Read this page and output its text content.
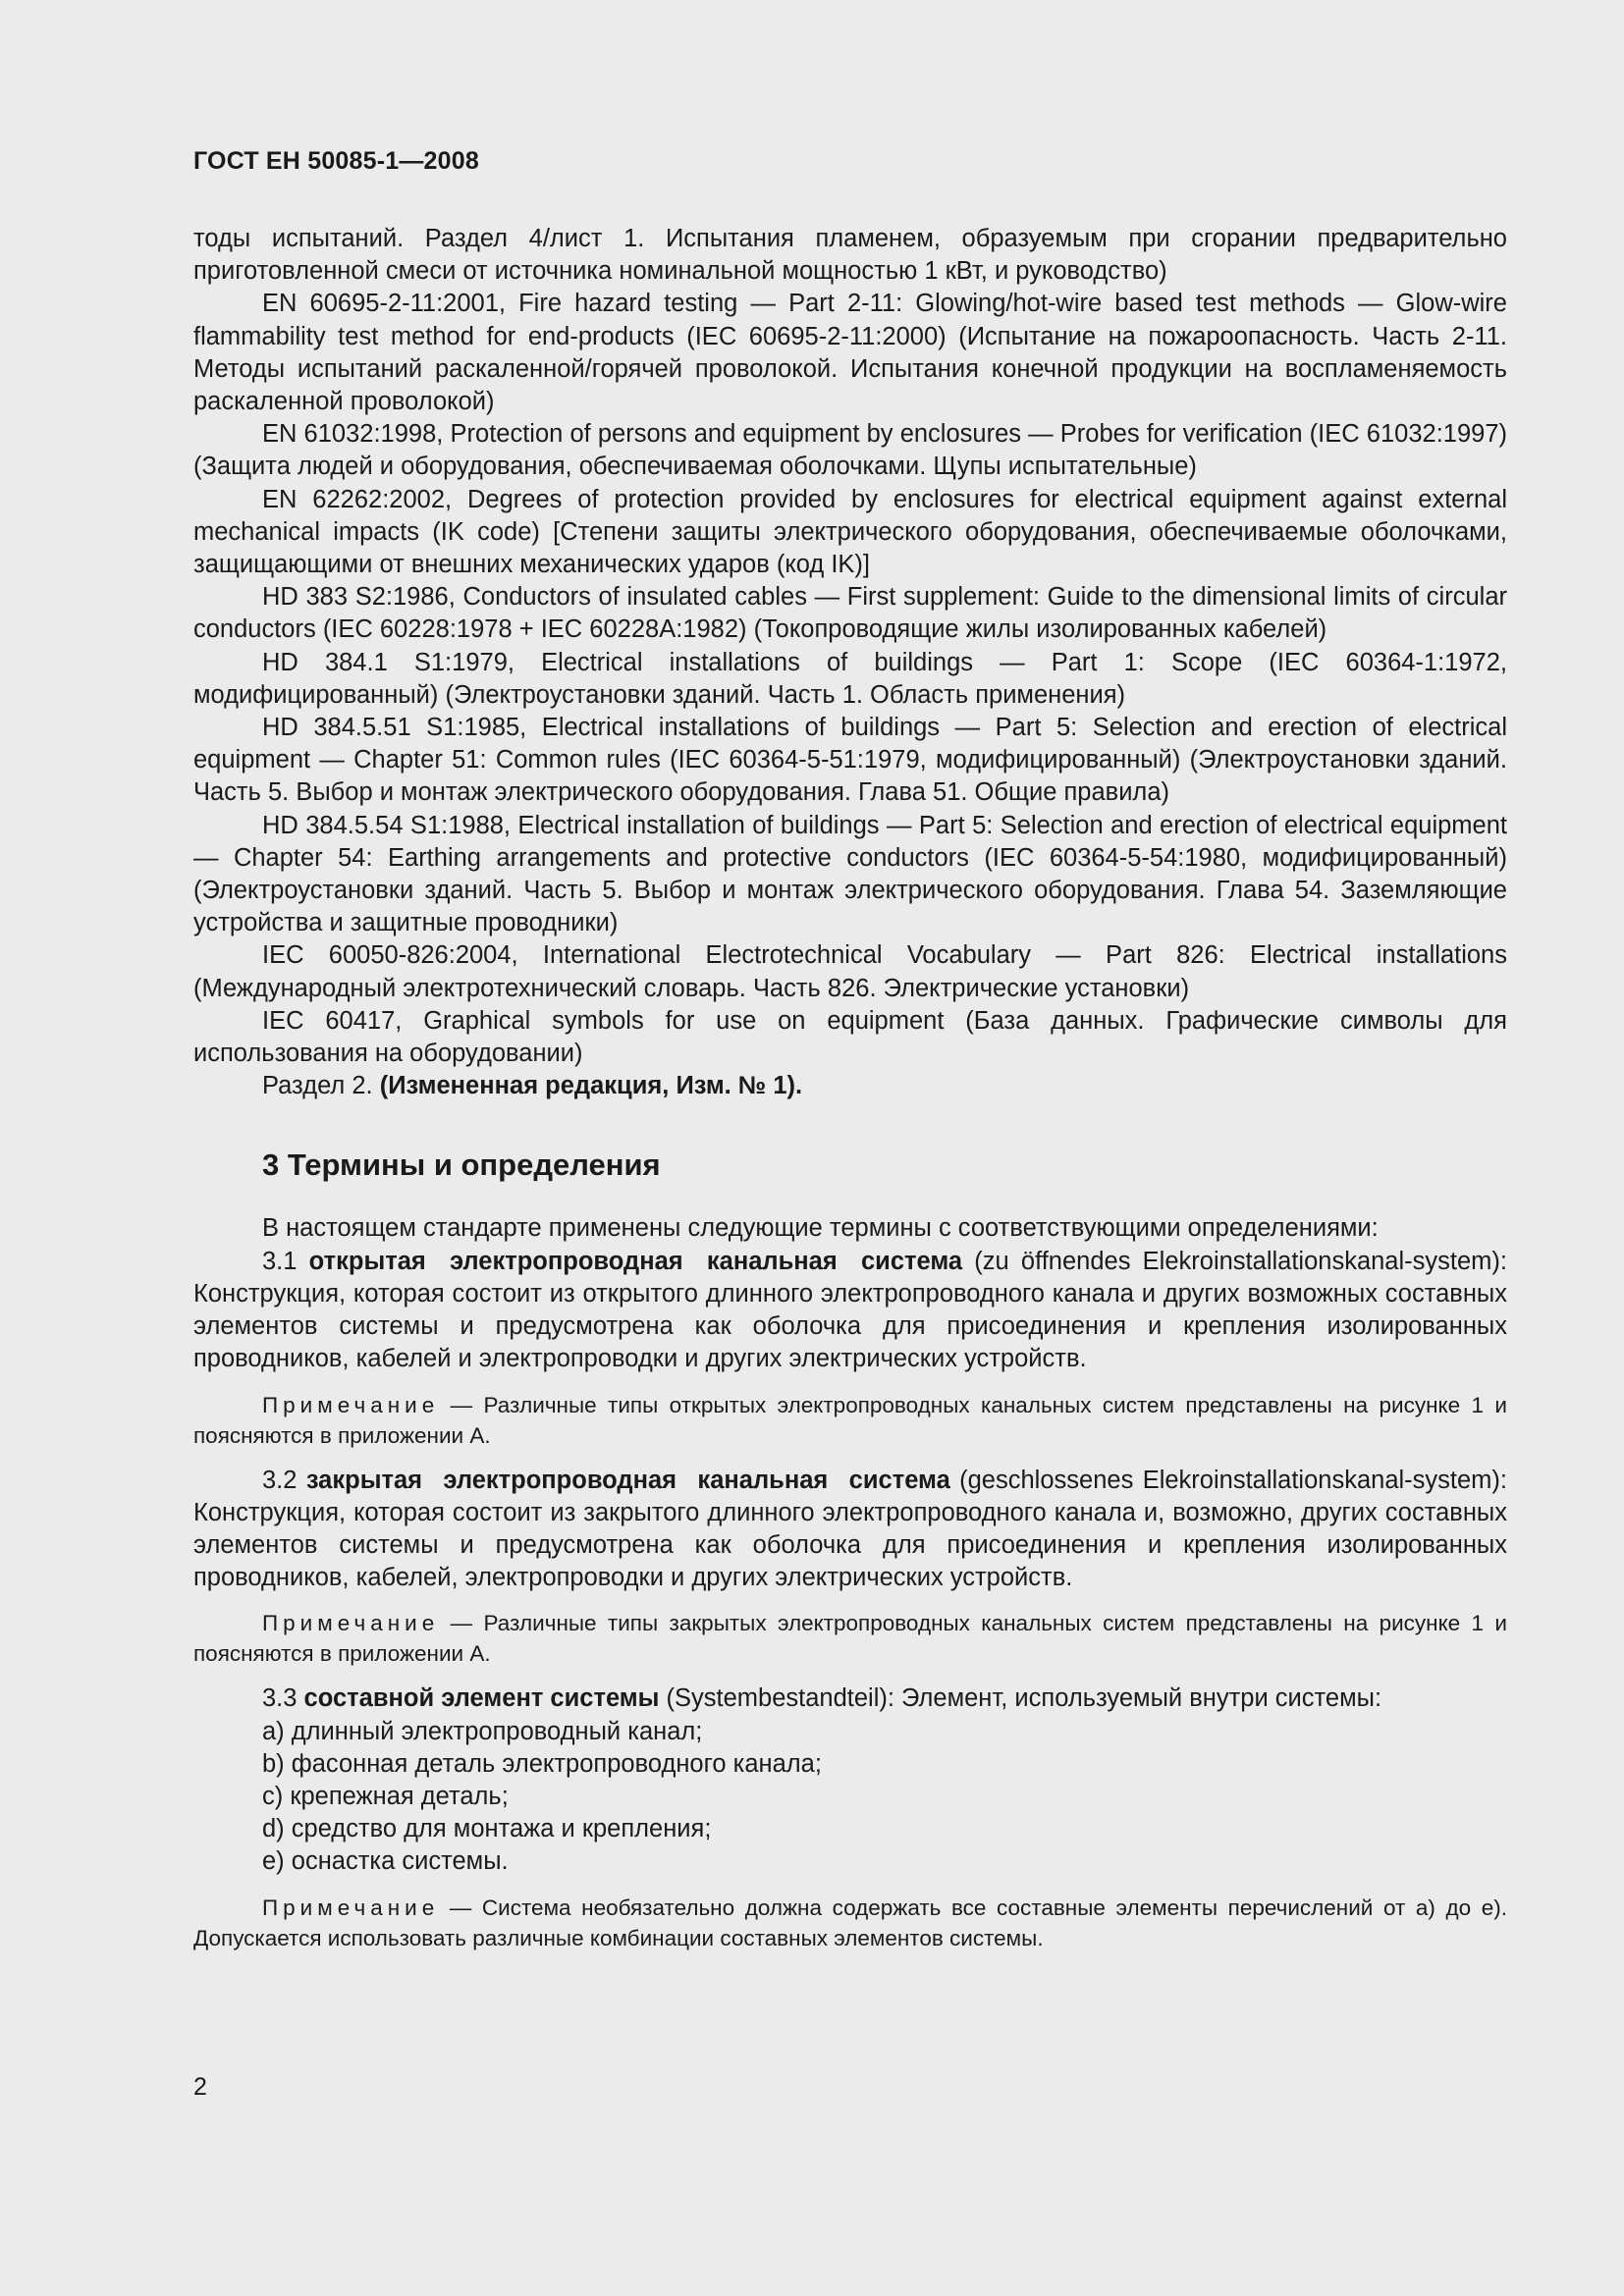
ГОСТ ЕН 50085-1—2008

тоды испытаний. Раздел 4/лист 1. Испытания пламенем, образуемым при сгорании предварительно приготовленной смеси от источника номинальной мощностью 1 кВт, и руководство)

EN 60695-2-11:2001, Fire hazard testing — Part 2-11: Glowing/hot-wire based test methods — Glow-wire flammability test method for end-products (IEC 60695-2-11:2000) (Испытание на пожароопасность. Часть 2-11. Методы испытаний раскаленной/горячей проволокой. Испытания конечной продукции на воспламеняемость раскаленной проволокой)

EN 61032:1998, Protection of persons and equipment by enclosures — Probes for verification (IEC 61032:1997) (Защита людей и оборудования, обеспечиваемая оболочками. Щупы испытательные)

EN 62262:2002, Degrees of protection provided by enclosures for electrical equipment against external mechanical impacts (IK code) [Степени защиты электрического оборудования, обеспечиваемые оболочками, защищающими от внешних механических ударов (код IK)]

HD 383 S2:1986, Conductors of insulated cables — First supplement: Guide to the dimensional limits of circular conductors (IEC 60228:1978 + IEC 60228A:1982) (Токопроводящие жилы изолированных кабелей)

HD 384.1 S1:1979, Electrical installations of buildings — Part 1: Scope (IEC 60364-1:1972, модифицированный) (Электроустановки зданий. Часть 1. Область применения)

HD 384.5.51 S1:1985, Electrical installations of buildings — Part 5: Selection and erection of electrical equipment — Chapter 51: Common rules (IEC 60364-5-51:1979, модифицированный) (Электроустановки зданий. Часть 5. Выбор и монтаж электрического оборудования. Глава 51. Общие правила)

HD 384.5.54 S1:1988, Electrical installation of buildings — Part 5: Selection and erection of electrical equipment — Chapter 54: Earthing arrangements and protective conductors (IEC 60364-5-54:1980, модифицированный) (Электроустановки зданий. Часть 5. Выбор и монтаж электрического оборудования. Глава 54. Заземляющие устройства и защитные проводники)

IEC 60050-826:2004, International Electrotechnical Vocabulary — Part 826: Electrical installations (Международный электротехнический словарь. Часть 826. Электрические установки)

IEC 60417, Graphical symbols for use on equipment (База данных. Графические символы для использования на оборудовании)

Раздел 2. (Измененная редакция, Изм. № 1).

3 Термины и определения

В настоящем стандарте применены следующие термины с соответствующими определениями:

3.1 открытая электропроводная канальная система (zu öffnendes Elekroinstallationskanal-system): Конструкция, которая состоит из открытого длинного электропроводного канала и других возможных составных элементов системы и предусмотрена как оболочка для присоединения и крепления изолированных проводников, кабелей и электропроводки и других электрических устройств.

Примечание — Различные типы открытых электропроводных канальных систем представлены на рисунке 1 и поясняются в приложении А.

3.2 закрытая электропроводная канальная система (geschlossenes Elekroinstallationskanal-system): Конструкция, которая состоит из закрытого длинного электропроводного канала и, возможно, других составных элементов системы и предусмотрена как оболочка для присоединения и крепления изолированных проводников, кабелей, электропроводки и других электрических устройств.

Примечание — Различные типы закрытых электропроводных канальных систем представлены на рисунке 1 и поясняются в приложении А.

3.3 составной элемент системы (Systembestandteil): Элемент, используемый внутри системы:

a) длинный электропроводный канал;
b) фасонная деталь электропроводного канала;
c) крепежная деталь;
d) средство для монтажа и крепления;
e) оснастка системы.

Примечание — Система необязательно должна содержать все составные элементы перечислений от а) до е). Допускается использовать различные комбинации составных элементов системы.

2
